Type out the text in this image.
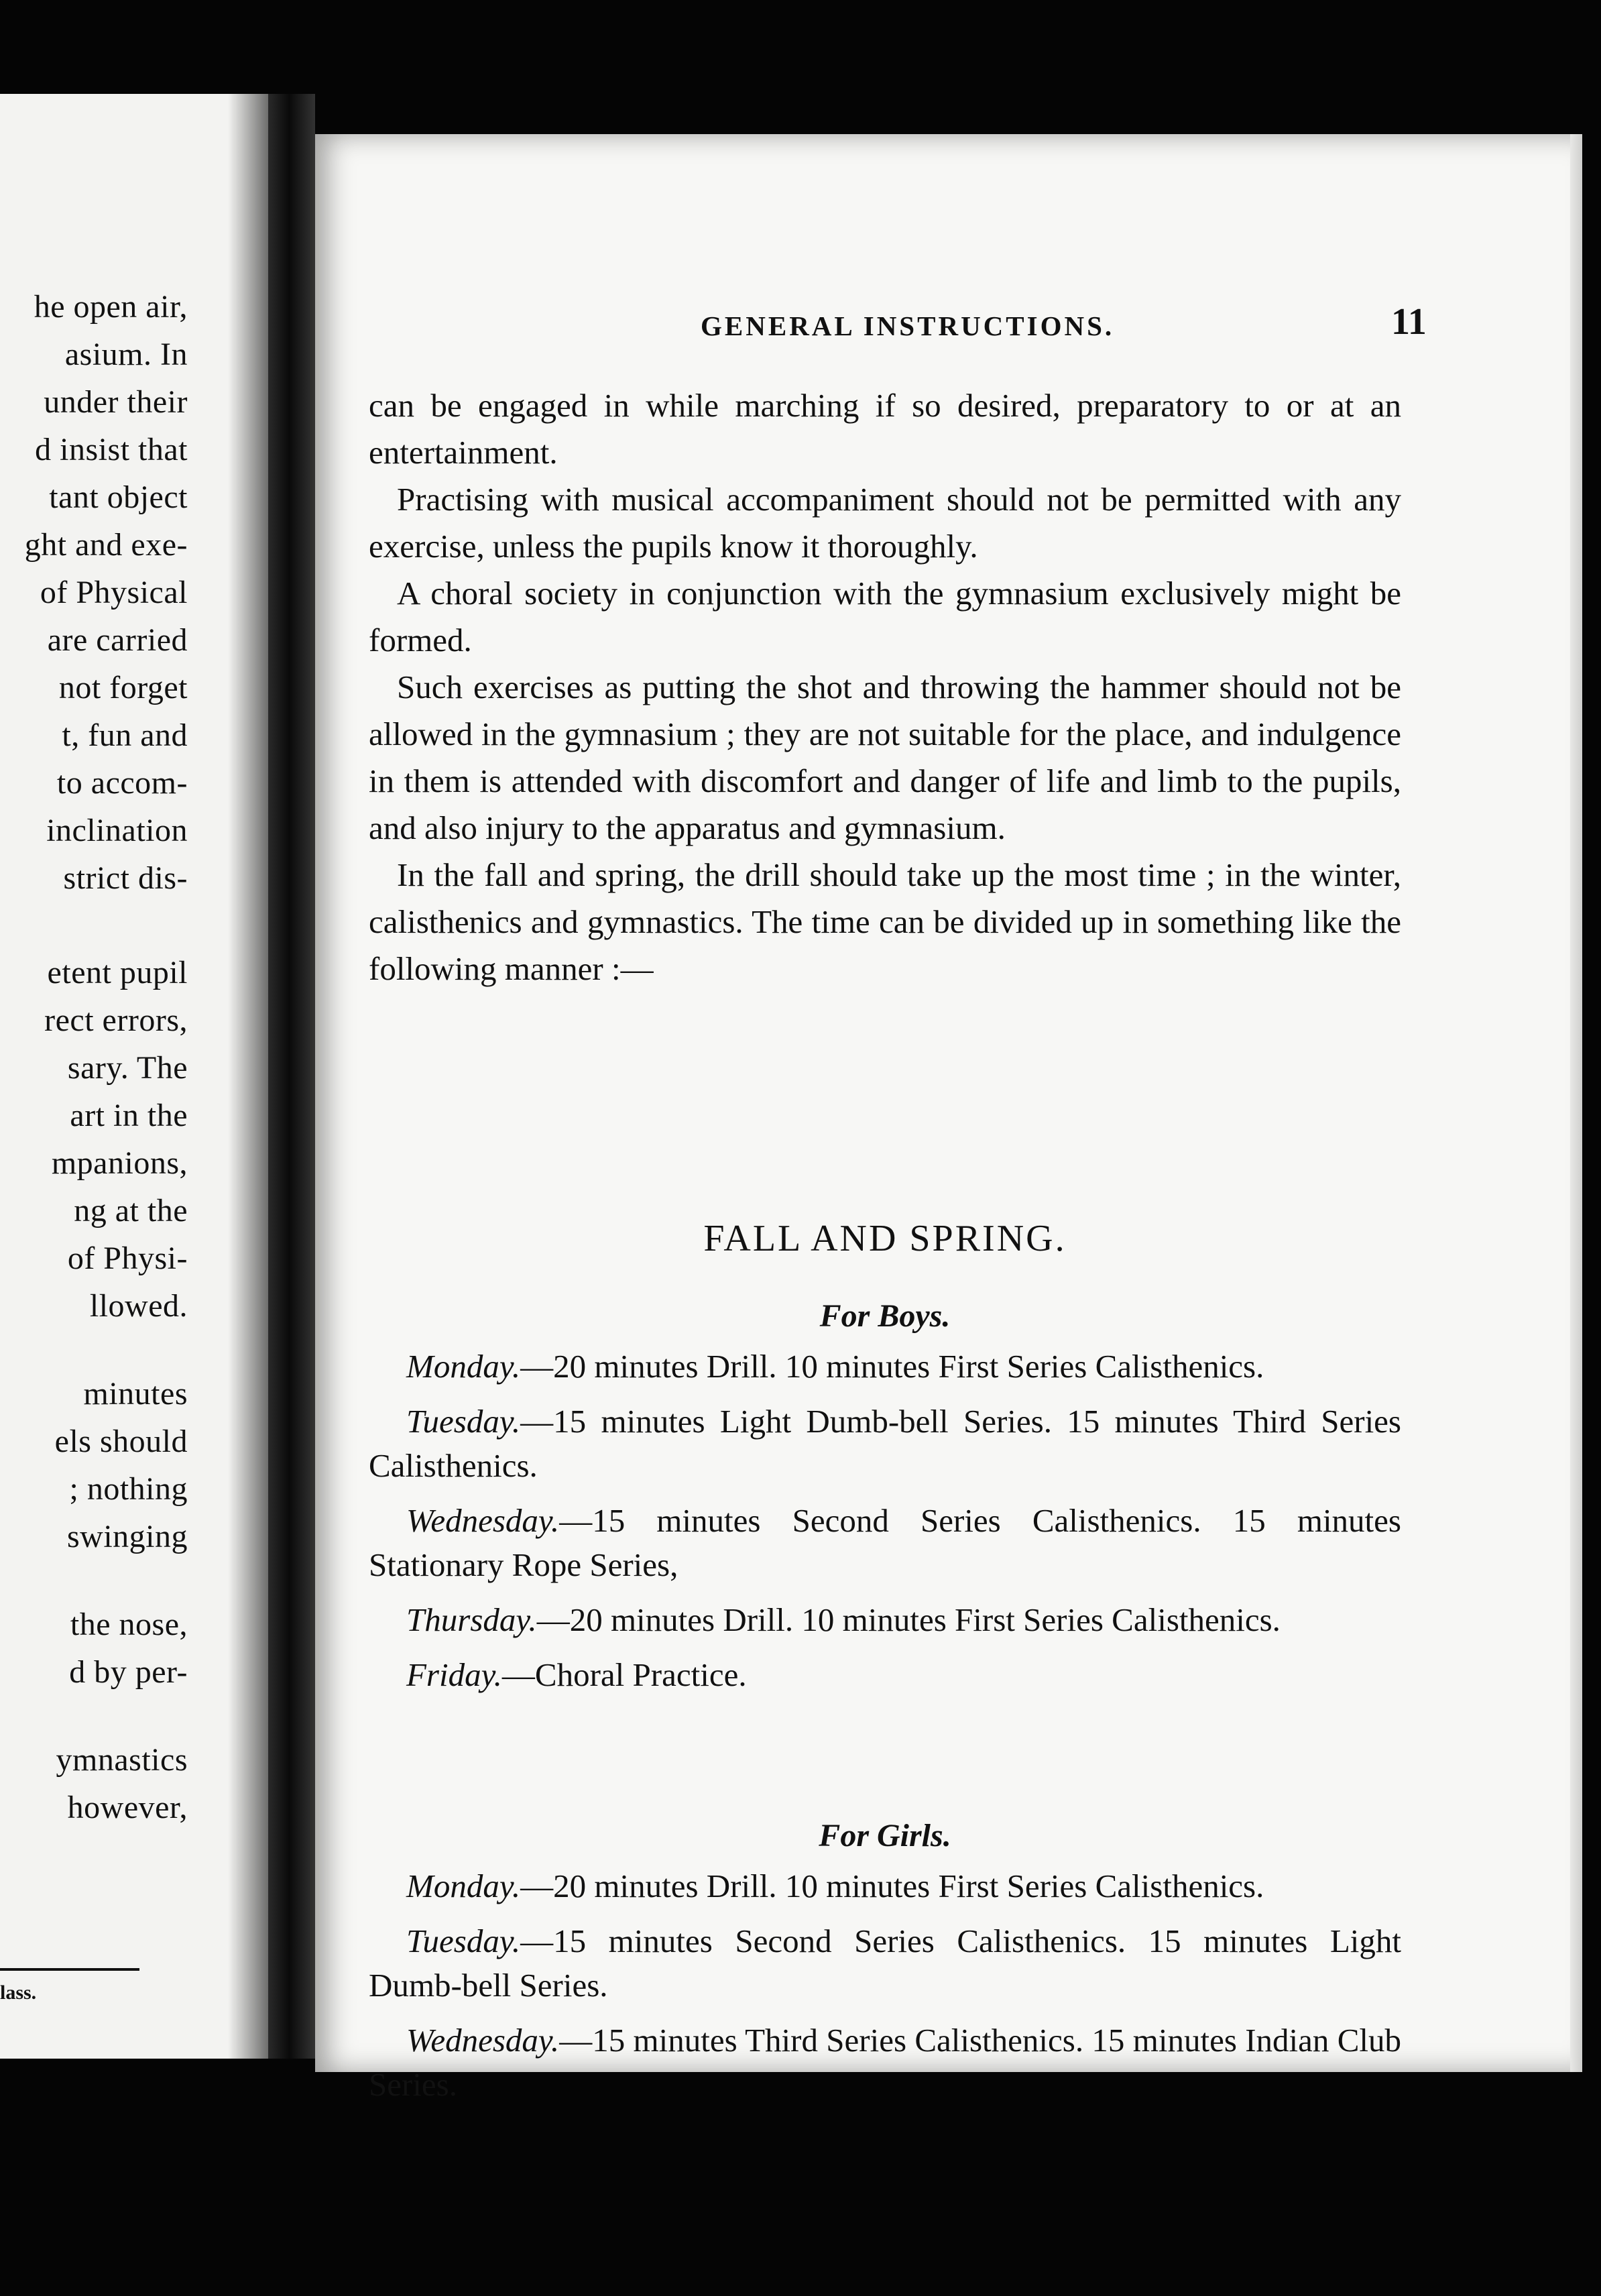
he open air,
asium. In
under their
d insist that
tant object
ght and exe-
of Physical
are carried
not forget
t, fun and
to accom-
inclination
strict dis-
etent pupil
rect errors,
sary. The
art in the
mpanions,
ng at the
of Physi-
llowed.
minutes
els should
; nothing
swinging
the nose,
d by per-
ymnastics
however,
lass.
GENERAL INSTRUCTIONS.	11

can be engaged in while marching if so desired, preparatory to or at an entertainment.

Practising with musical accompaniment should not be permitted with any exercise, unless the pupils know it thoroughly.

A choral society in conjunction with the gymnasium exclusively might be formed.

Such exercises as putting the shot and throwing the hammer should not be allowed in the gymnasium ; they are not suitable for the place, and indulgence in them is attended with discomfort and danger of life and limb to the pupils, and also injury to the apparatus and gymnasium.

In the fall and spring, the drill should take up the most time ; in the winter, calisthenics and gymnastics. The time can be divided up in something like the following manner :—

FALL AND SPRING.
For Boys.

Monday.—20 minutes Drill. 10 minutes First Series Calisthenics.

Tuesday.—15 minutes Light Dumb-bell Series. 15 minutes Third Series Calisthenics.

Wednesday.—15 minutes Second Series Calisthenics. 15 minutes Stationary Rope Series,

Thursday.—20 minutes Drill. 10 minutes First Series Calisthenics.

Friday.—Choral Practice.

For Girls.

Monday.—20 minutes Drill. 10 minutes First Series Calisthenics.

Tuesday.—15 minutes Second Series Calisthenics. 15 minutes Light Dumb-bell Series.

Wednesday.—15 minutes Third Series Calisthenics. 15 minutes Indian Club Series.
